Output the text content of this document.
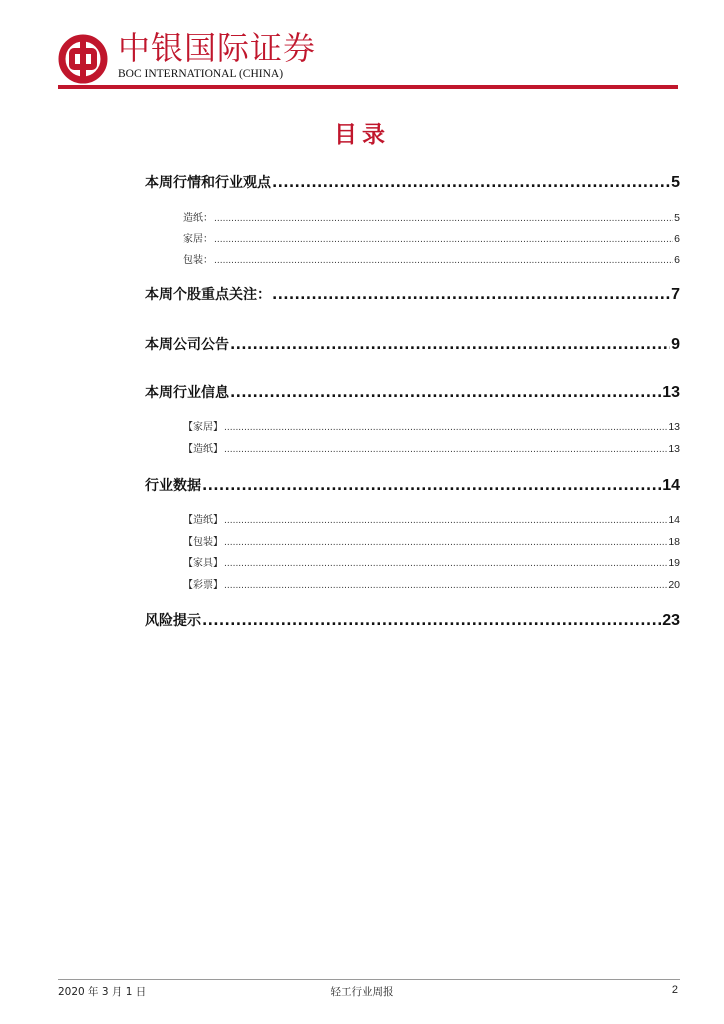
中银国际证券
BOC INTERNATIONAL (CHINA)
目录
本周行情和行业观点 .....	5
造纸： .....	5
家居： .....	6
包装： .....	6
本周个股重点关注： .....	7
本周公司公告 .....	9
本周行业信息 .....	13
【家居】 .....	13
【造纸】 .....	13
行业数据 .....	14
【造纸】 .....	14
【包装】 .....	18
【家具】 .....	19
【彩票】 .....	20
风险提示 .....	23
2020 年 3 月 1 日	轻工行业周报	2
